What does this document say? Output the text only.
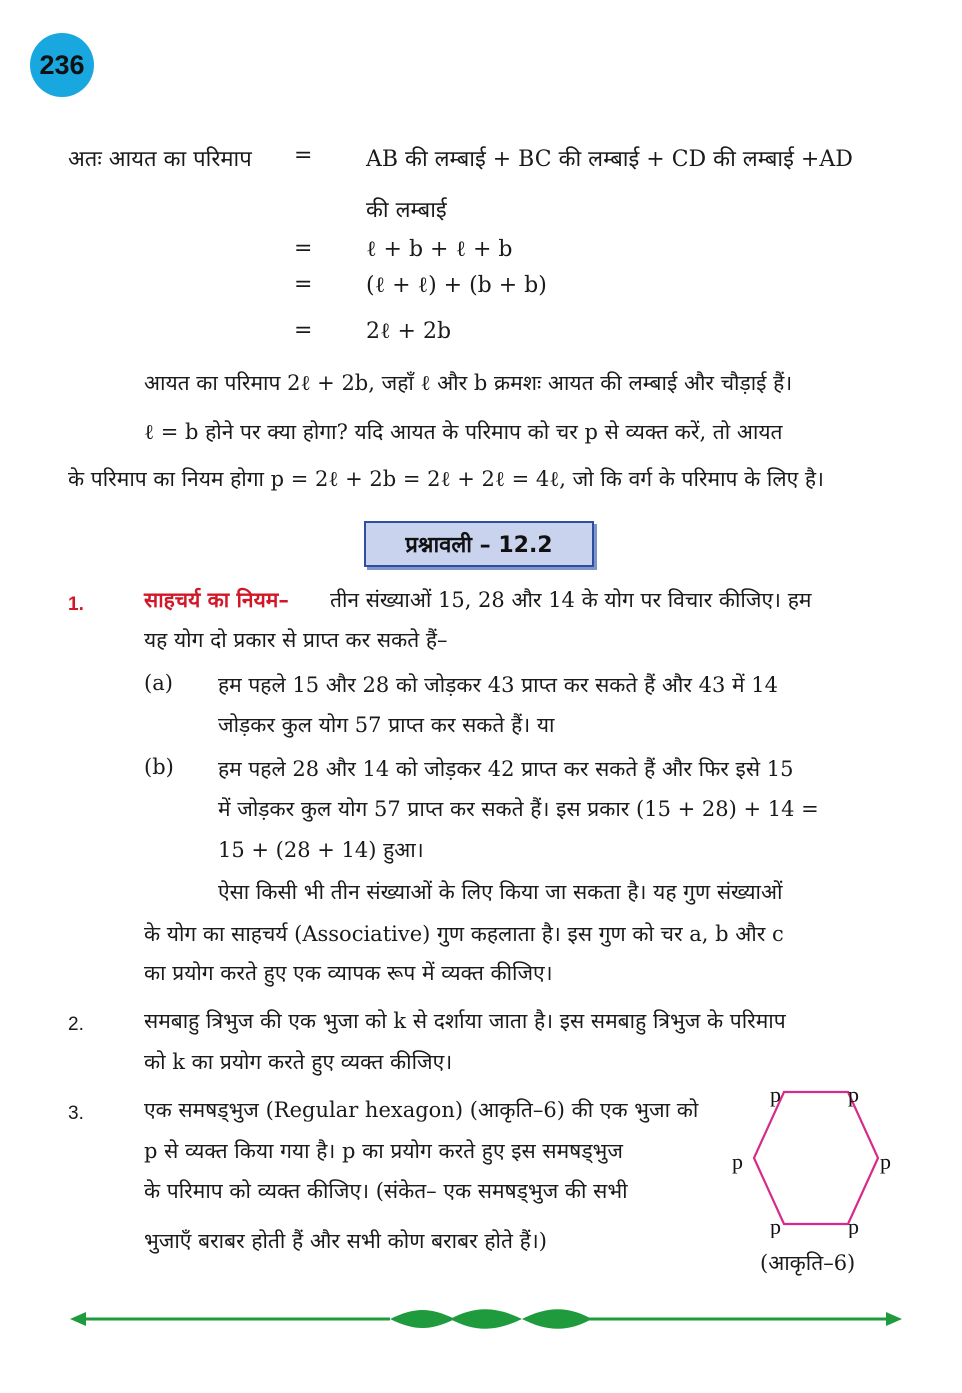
236
अतः आयत का परिमाप = AB की लम्बाई + BC की लम्बाई + CD की लम्बाई +AD
की लम्बाई
= ℓ + b + ℓ + b
= (ℓ + ℓ) + (b + b)
= 2ℓ + 2b
आयत का परिमाप 2ℓ + 2b, जहाँ ℓ और b क्रमशः आयत की लम्बाई और चौड़ाई हैं।
ℓ = b होने पर क्या होगा? यदि आयत के परिमाप को चर p से व्यक्त करें, तो आयत
के परिमाप का नियम होगा p = 2ℓ + 2b = 2ℓ + 2ℓ = 4ℓ, जो कि वर्ग के परिमाप के लिए है।
प्रश्नावली – 12.2
1.	साहचर्य का नियम– तीन संख्याओं 15, 28 और 14 के योग पर विचार कीजिए। हम
यह योग दो प्रकार से प्राप्त कर सकते हैं–
(a) हम पहले 15 और 28 को जोड़कर 43 प्राप्त कर सकते हैं और 43 में 14
जोड़कर कुल योग 57 प्राप्त कर सकते हैं। या
(b) हम पहले 28 और 14 को जोड़कर 42 प्राप्त कर सकते हैं और फिर इसे 15
में जोड़कर कुल योग 57 प्राप्त कर सकते हैं। इस प्रकार (15 + 28) + 14 =
15 + (28 + 14) हुआ।
ऐसा किसी भी तीन संख्याओं के लिए किया जा सकता है। यह गुण संख्याओं
के योग का साहचर्य (Associative) गुण कहलाता है। इस गुण को चर a, b और c
का प्रयोग करते हुए एक व्यापक रूप में व्यक्त कीजिए।
2.	समबाहु त्रिभुज की एक भुजा को k से दर्शाया जाता है। इस समबाहु त्रिभुज के परिमाप
को k का प्रयोग करते हुए व्यक्त कीजिए।
3.	एक समषड्भुज (Regular hexagon) (आकृति–6) की एक भुजा को
p से व्यक्त किया गया है। p का प्रयोग करते हुए इस समषड्भुज
के परिमाप को व्यक्त कीजिए। (संकेत– एक समषड्भुज की सभी
भुजाएँ बराबर होती हैं और सभी कोण बराबर होते हैं।)
p	p
p	p
p	p
(आकृति–6)
